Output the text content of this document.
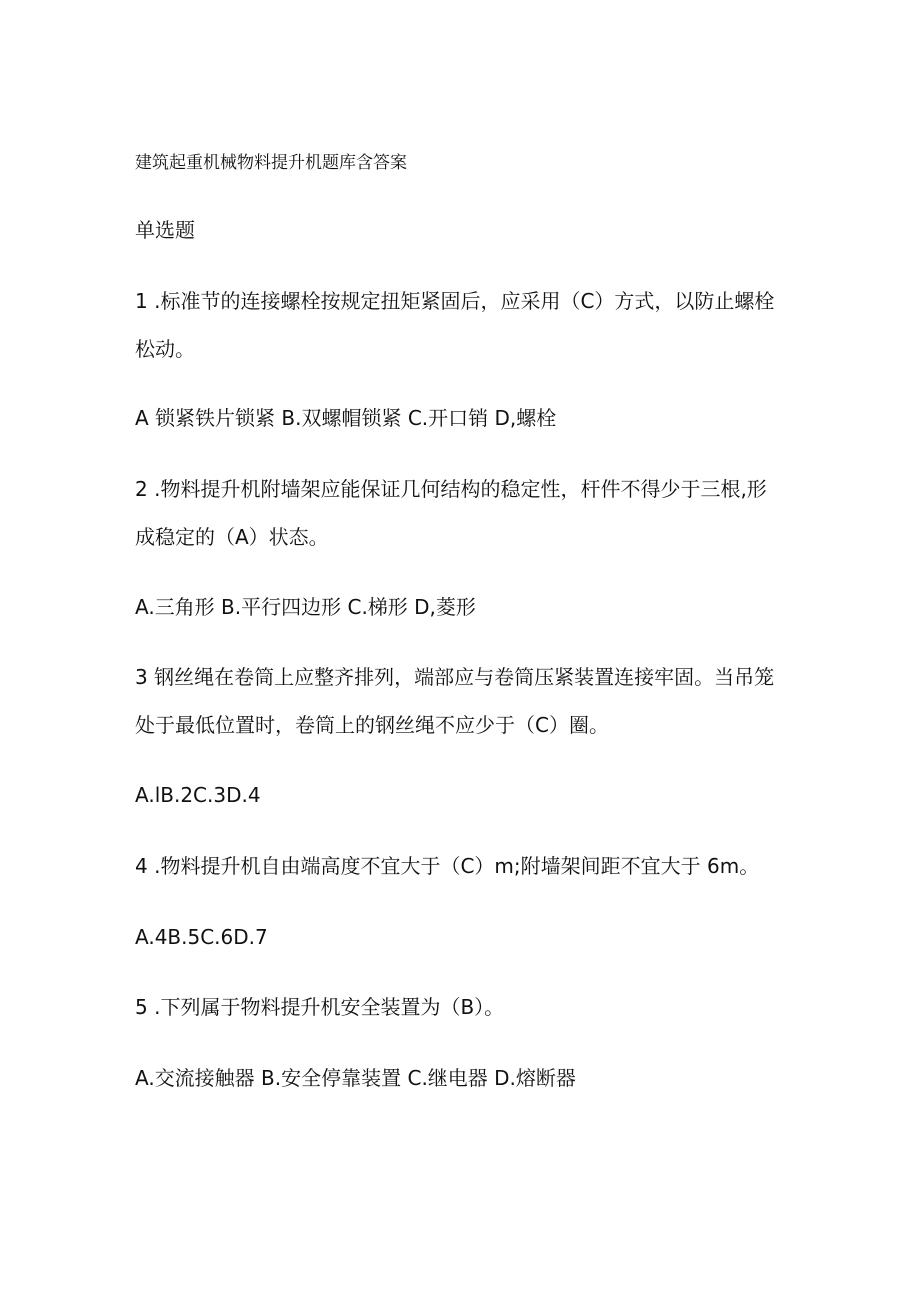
建筑起重机械物料提升机题库含答案
单选题
1 .标准节的连接螺栓按规定扭矩紧固后，应采用（C）方式，以防止螺栓
松动。
A 锁紧铁片锁紧 B.双螺帽锁紧 C.开口销 D,螺栓
2 .物料提升机附墙架应能保证几何结构的稳定性，杆件不得少于三根,形
成稳定的（A）状态。
A.三角形 B.平行四边形 C.梯形 D,菱形
3 钢丝绳在卷筒上应整齐排列，端部应与卷筒压紧装置连接牢固。当吊笼
处于最低位置时，卷筒上的钢丝绳不应少于（C）圈。
A.lB.2C.3D.4
4 .物料提升机自由端高度不宜大于（C）m;附墙架间距不宜大于 6m。
A.4B.5C.6D.7
5 .下列属于物料提升机安全装置为（B）。
A.交流接触器 B.安全停靠装置 C.继电器 D.熔断器
